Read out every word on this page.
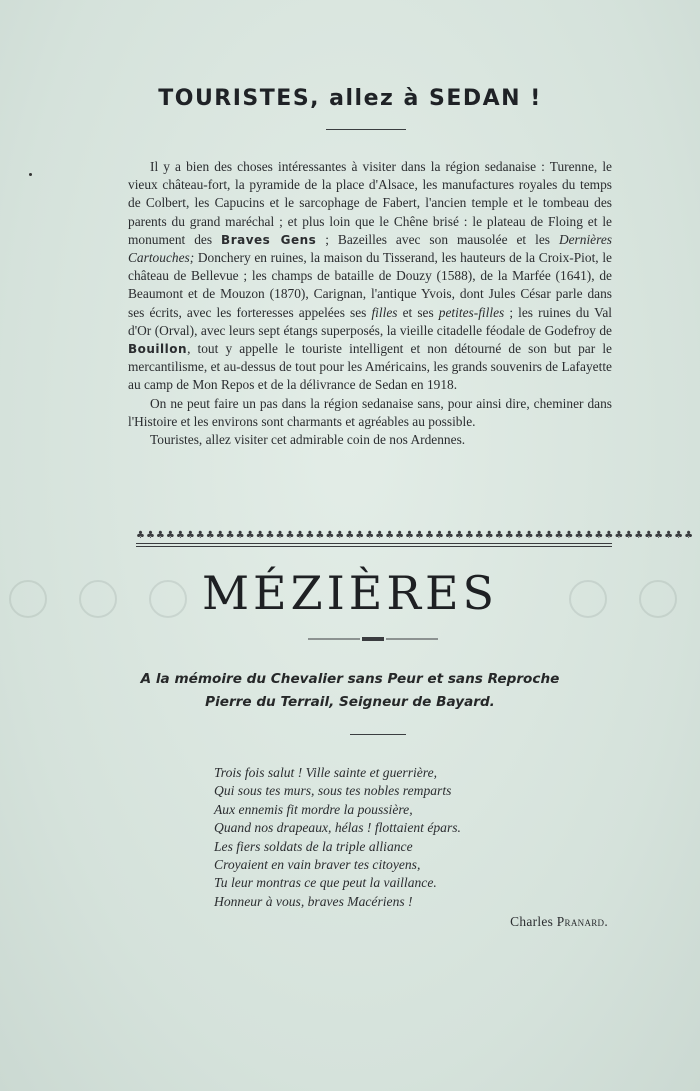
TOURISTES, allez à SEDAN !

Il y a bien des choses intéressantes à visiter dans la région sedanaise : Turenne, le vieux château-fort, la pyramide de la place d'Alsace, les manufactures royales du temps de Colbert, les Capucins et le sarcophage de Fabert, l'ancien temple et le tombeau des parents du grand maréchal ; et plus loin que le Chêne brisé : le plateau de Floing et le monument des Braves Gens ; Bazeilles avec son mausolée et les Dernières Cartouches; Donchery en ruines, la maison du Tisserand, les hauteurs de la Croix-Piot, le château de Bellevue ; les champs de bataille de Douzy (1588), de la Marfée (1641), de Beaumont et de Mouzon (1870), Carignan, l'antique Yvois, dont Jules César parle dans ses écrits, avec les forteresses appelées ses filles et ses petites-filles ; les ruines du Val d'Or (Orval), avec leurs sept étangs superposés, la vieille citadelle féodale de Godefroy de Bouillon, tout y appelle le touriste intelligent et non détourné de son but par le mercantilisme, et au-dessus de tout pour les Américains, les grands souvenirs de Lafayette au camp de Mon Repos et de la délivrance de Sedan en 1918.

On ne peut faire un pas dans la région sedanaise sans, pour ainsi dire, cheminer dans l'Histoire et les environs sont charmants et agréables au possible.

Touristes, allez visiter cet admirable coin de nos Ardennes.

♣♣♣♣♣♣♣♣♣♣♣♣♣♣♣♣♣♣♣♣♣♣♣♣♣♣♣♣♣♣♣♣♣♣♣♣♣♣♣♣♣♣♣♣♣♣♣♣♣♣♣♣♣♣♣♣
MÉZIÈRES
A la mémoire du Chevalier sans Peur et sans Reproche
Pierre du Terrail, Seigneur de Bayard.
Trois fois salut ! Ville sainte et guerrière,
Qui sous tes murs, sous tes nobles remparts
Aux ennemis fit mordre la poussière,
Quand nos drapeaux, hélas ! flottaient épars.
Les fiers soldats de la triple alliance
Croyaient en vain braver tes citoyens,
Tu leur montras ce que peut la vaillance.
Honneur à vous, braves Macériens !
Charles Pranard.
